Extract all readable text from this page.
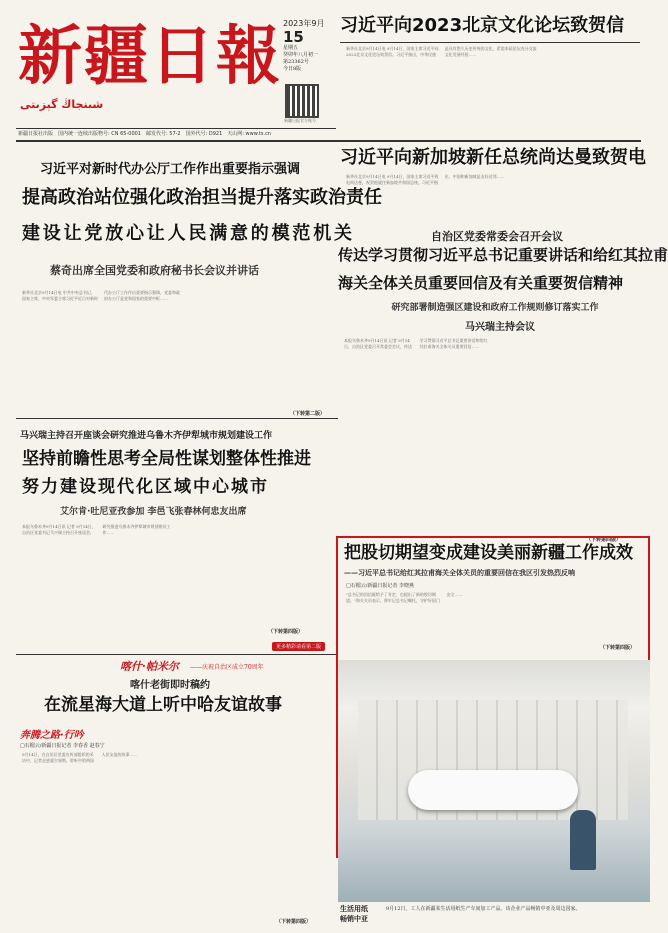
新疆日報
شىنجاڭ گېزىتى
2023年9月
15
星期五
癸卯年八月初一
第23362号
今日8版
新疆日报官方账号
新疆日报社出版　国内统一连续出版物号: CN 65-0001　邮发代号: 57-2　国外代号: D921　天山网: www.ts.cn
习近平向2023北京文化论坛致贺信
新华社北京9月14日电 9月14日，国家主席习近平向2023北京文化论坛致贺信。习近平指出，中华民族是具有悠久历史传统的文化，希望本届论坛充分交流文化发展经验……
习近平向新加坡新任总统尚达曼致贺电
新华社北京9月14日电 9月14日，国家主席习近平致电尚达曼，祝贺他就任新加坡共和国总统。习近平指出，中国和新加坡是友好近邻……
习近平对新时代办公厅工作作出重要指示强调
提高政治站位强化政治担当提升落实政治责任
建设让党放心让人民满意的模范机关
蔡奇出席全国党委和政府秘书长会议并讲话
新华社北京9月14日电 中共中央总书记、国家主席、中央军委主席习近平近日对新时代办公厅工作作出重要指示强调，党委和政府办公厅是党和国家的重要中枢……
（下转第二版）
自治区党委常委会召开会议
传达学习贯彻习近平总书记重要讲话和给红其拉甫
海关全体关员重要回信及有关重要贺信精神
研究部署制造强区建设和政府工作规则修订落实工作
马兴瑞主持会议
本报乌鲁木齐9月14日讯 记者 9月14日，自治区党委召开常委会会议，传达学习贯彻习近平总书记重要讲话和给红其拉甫海关全体关员重要回信……
（下转第四版）
马兴瑞主持召开座谈会研究推进乌鲁木齐伊犁城市规划建设工作
坚持前瞻性思考全局性谋划整体性推进
努力建设现代化区域中心城市
艾尔肯·吐尼亚孜参加 李邑飞张春林何忠友出席
本报乌鲁木齐9月14日讯 记者 9月14日，自治区党委书记马兴瑞主持召开座谈会，研究推进乌鲁木齐伊犁城市规划建设工作……
（下转第四版）
更多精彩请看第二版
把股切期望变成建设美丽新疆工作成效
——习近平总书记给红其拉甫海关全体关员的重要回信在我区引发热烈反响
□石榴云/新疆日报记者 李晓燕
"总书记的回信既给予了肯定，也提出了新的殷切期望。"海关关员表示，将牢记总书记嘱托，守护好国门安全……
（下转第四版）
喀什·帕米尔 ——庆祝自治区成立70周年
喀什老街即时稿约
在流星海大道上听中哈友谊故事
奔腾之路·行吟
□石榴云/新疆日报记者 李春香 赵春宁
9月14日，在自治区党委宣传部组织的采访中，记者走进霍尔果斯，聆听中哈两国人民友谊的故事……
（下转第四版）
生活用纸
畅销中亚
9月12日，工人在新疆某生活用纸生产车间加工产品。该企业产品畅销中亚及周边国家。
